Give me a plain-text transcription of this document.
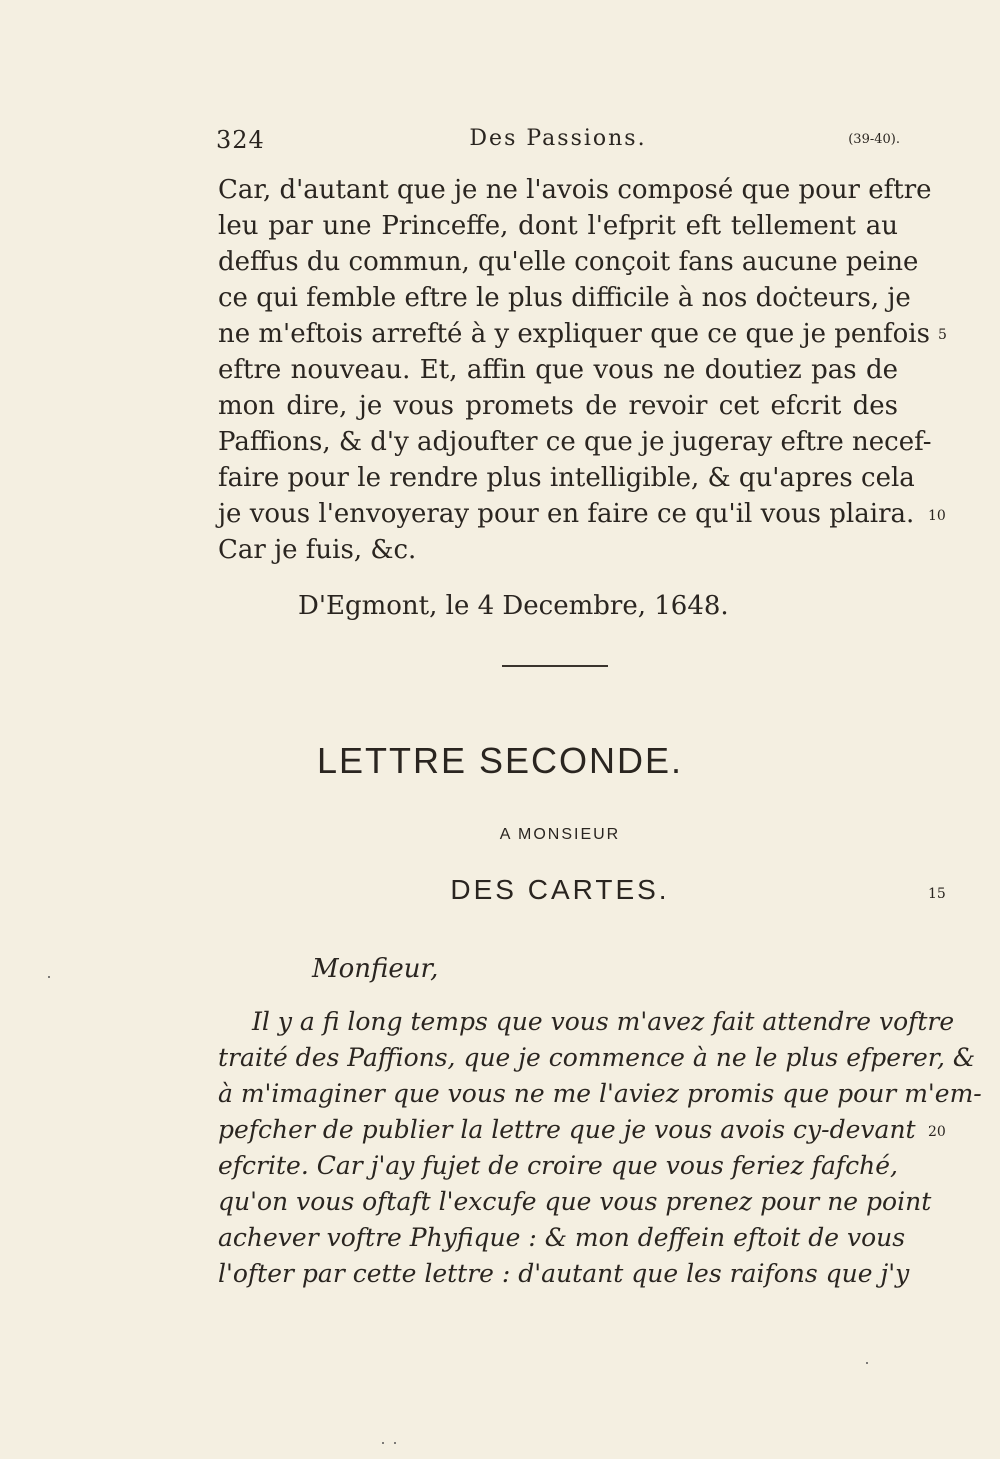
324	Des Passions.	(39-40).
Car, d'autant que je ne l'avois composé que pour eftre
leu par une Princeffe, dont l'efprit eft tellement au
deffus du commun, qu'elle conçoit fans aucune peine
ce qui femble eftre le plus difficile à nos doċteurs, je
ne m'eftois arrefté à y expliquer que ce que je penfois
eftre nouveau. Et, affin que vous ne doutiez pas de
mon dire, je vous promets de revoir cet efcrit des
Paffions, & d'y adjoufter ce que je jugeray eftre necef-
faire pour le rendre plus intelligible, & qu'apres cela
je vous l'envoyeray pour en faire ce qu'il vous plaira.
Car je fuis, &c.
5
10
15
20
D'Egmont, le 4 Decembre, 1648.
LETTRE SECONDE.
A MONSIEUR
DES CARTES.
Monfieur,
Il y a fi long temps que vous m'avez fait attendre voftre
traité des Paffions, que je commence à ne le plus efperer, &
à m'imaginer que vous ne me l'aviez promis que pour m'em-
pefcher de publier la lettre que je vous avois cy-devant
efcrite. Car j'ay fujet de croire que vous feriez fafché,
qu'on vous oftaft l'excufe que vous prenez pour ne point
achever voftre Phyfique : & mon deffein eftoit de vous
l'ofter par cette lettre : d'autant que les raifons que j'y
